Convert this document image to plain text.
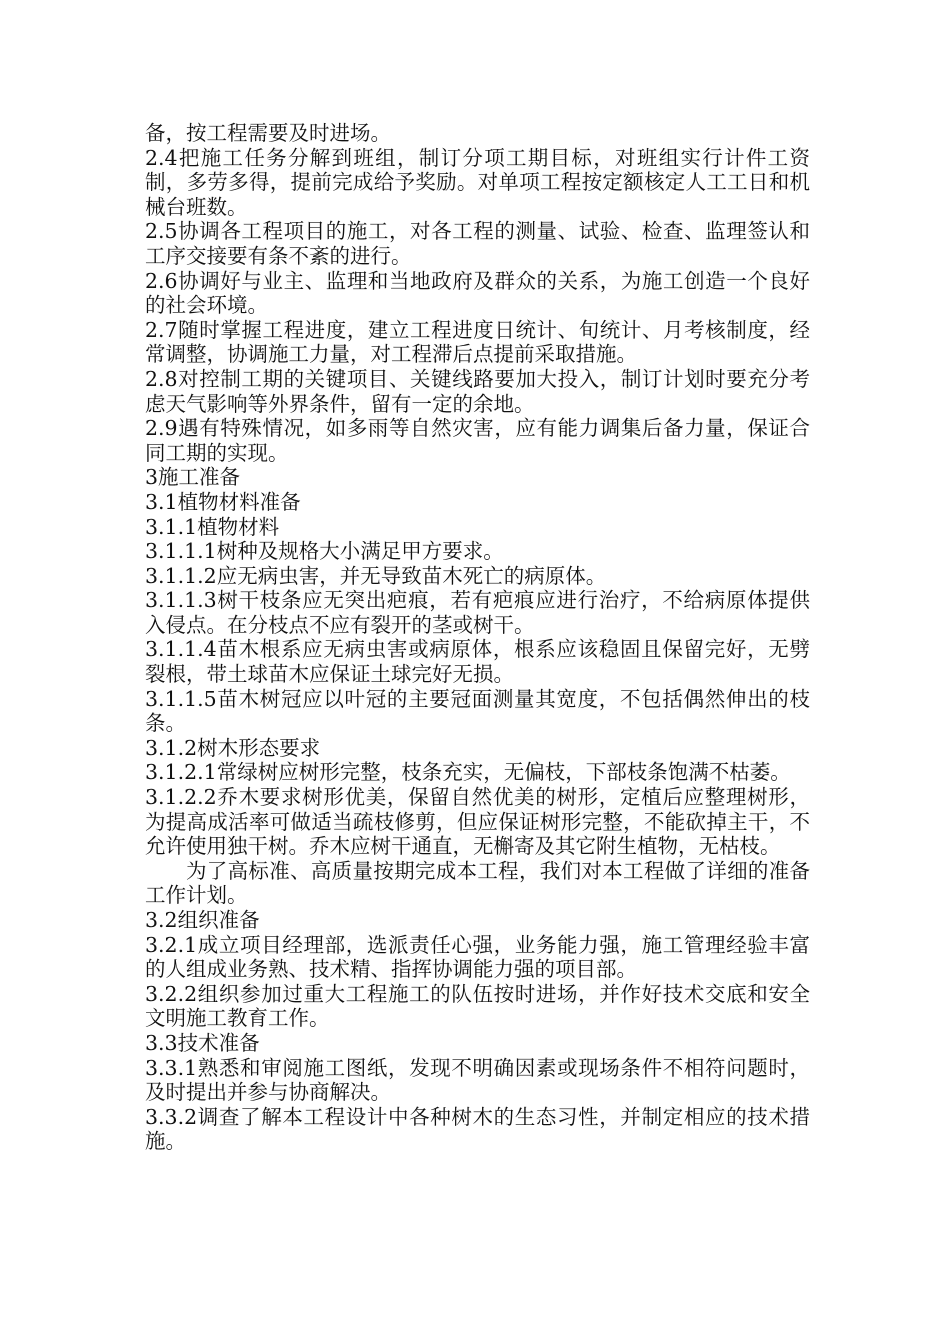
备，按工程需要及时进场。

2.4把施工任务分解到班组，制订分项工期目标，对班组实行计件工资制，多劳多得，提前完成给予奖励。对单项工程按定额核定人工工日和机械台班数。

2.5协调各工程项目的施工，对各工程的测量、试验、检查、监理签认和工序交接要有条不紊的进行。

2.6协调好与业主、监理和当地政府及群众的关系，为施工创造一个良好的社会环境。

2.7随时掌握工程进度，建立工程进度日统计、旬统计、月考核制度，经常调整，协调施工力量，对工程滞后点提前采取措施。

2.8对控制工期的关键项目、关键线路要加大投入，制订计划时要充分考虑天气影响等外界条件，留有一定的余地。

2.9遇有特殊情况，如多雨等自然灾害，应有能力调集后备力量，保证合同工期的实现。

3施工准备

3.1植物材料准备

3.1.1植物材料

3.1.1.1树种及规格大小满足甲方要求。

3.1.1.2应无病虫害，并无导致苗木死亡的病原体。

3.1.1.3树干枝条应无突出疤痕，若有疤痕应进行治疗，不给病原体提供入侵点。在分枝点不应有裂开的茎或树干。

3.1.1.4苗木根系应无病虫害或病原体，根系应该稳固且保留完好，无劈裂根，带土球苗木应保证土球完好无损。

3.1.1.5苗木树冠应以叶冠的主要冠面测量其宽度，不包括偶然伸出的枝条。

3.1.2树木形态要求

3.1.2.1常绿树应树形完整，枝条充实，无偏枝，下部枝条饱满不枯萎。

3.1.2.2乔木要求树形优美，保留自然优美的树形，定植后应整理树形，为提高成活率可做适当疏枝修剪，但应保证树形完整，不能砍掉主干，不允许使用独干树。乔木应树干通直，无槲寄及其它附生植物，无枯枝。

为了高标准、高质量按期完成本工程，我们对本工程做了详细的准备工作计划。

3.2组织准备

3.2.1成立项目经理部，选派责任心强，业务能力强，施工管理经验丰富的人组成业务熟、技术精、指挥协调能力强的项目部。

3.2.2组织参加过重大工程施工的队伍按时进场，并作好技术交底和安全文明施工教育工作。

3.3技术准备

3.3.1熟悉和审阅施工图纸，发现不明确因素或现场条件不相符问题时，及时提出并参与协商解决。

3.3.2调查了解本工程设计中各种树木的生态习性，并制定相应的技术措施。
